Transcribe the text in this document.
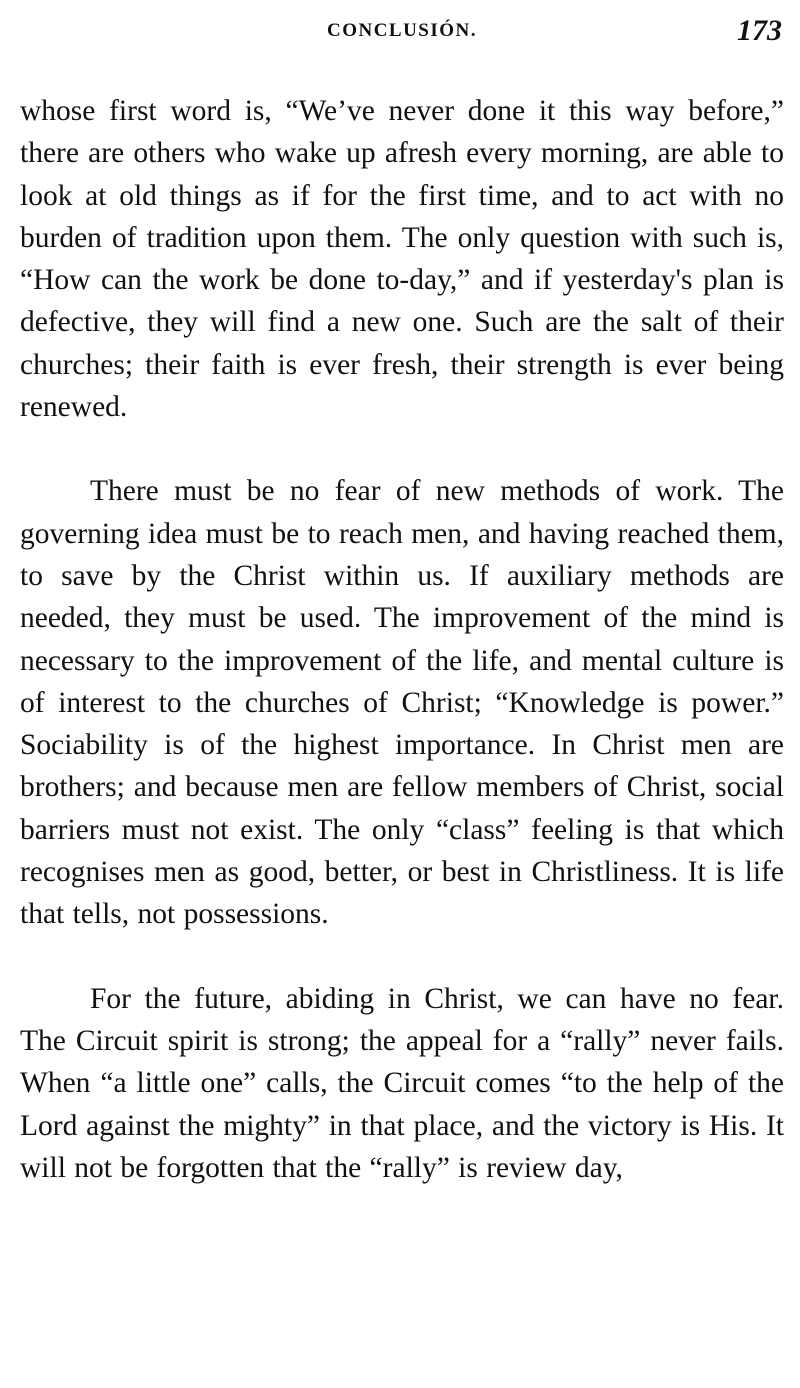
CONCLUSIÓN.	173

whose first word is, “We’ve never done it this way before,” there are others who wake up afresh every morning, are able to look at old things as if for the first time, and to act with no burden of tradition upon them. The only question with such is, “How can the work be done to-day,” and if yesterday's plan is defective, they will find a new one. Such are the salt of their churches; their faith is ever fresh, their strength is ever being renewed.

There must be no fear of new methods of work. The governing idea must be to reach men, and having reached them, to save by the Christ within us. If auxiliary methods are needed, they must be used. The improvement of the mind is necessary to the improvement of the life, and mental culture is of interest to the churches of Christ; “Knowledge is power.” Sociability is of the highest importance. In Christ men are brothers; and because men are fellow members of Christ, social barriers must not exist. The only “class” feeling is that which recognises men as good, better, or best in Christliness. It is life that tells, not possessions.

For the future, abiding in Christ, we can have no fear. The Circuit spirit is strong; the appeal for a “rally” never fails. When “a little one” calls, the Circuit comes “to the help of the Lord against the mighty” in that place, and the victory is His. It will not be forgotten that the “rally” is review day,
